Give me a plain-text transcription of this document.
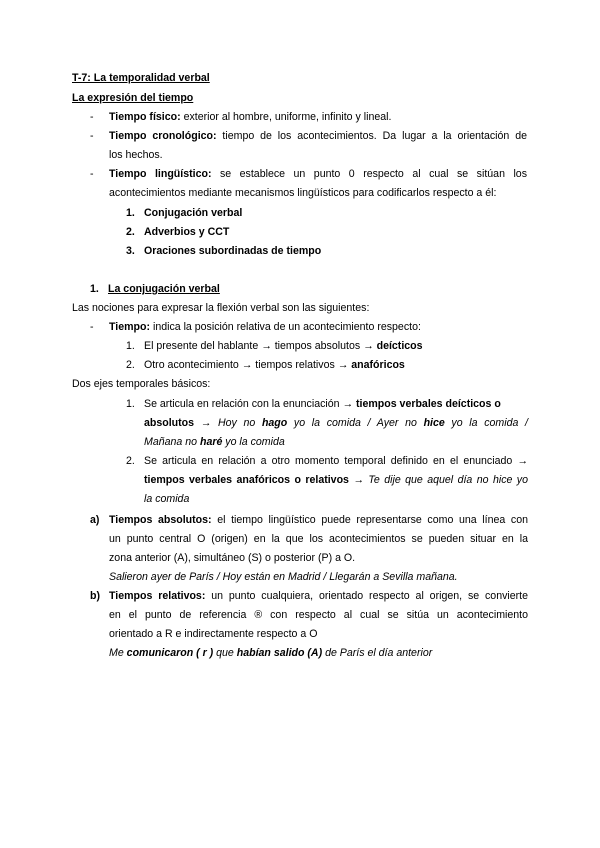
T-7: La temporalidad verbal
La expresión del tiempo
- Tiempo físico: exterior al hombre, uniforme, infinito y lineal.
- Tiempo cronológico: tiempo de los acontecimientos. Da lugar a la orientación de
los hechos.
- Tiempo lingüístico: se establece un punto 0 respecto al cual se sitúan los
acontecimientos mediante mecanismos lingüísticos para codificarlos respecto a él:
1. Conjugación verbal
2. Adverbios y CCT
3. Oraciones subordinadas de tiempo
1. La conjugación verbal
Las nociones para expresar la flexión verbal son las siguientes:
- Tiempo: indica la posición relativa de un acontecimiento respecto:
1. El presente del hablante → tiempos absolutos → deícticos
2. Otro acontecimiento → tiempos relativos → anafóricos
Dos ejes temporales básicos:
1. Se articula en relación con la enunciación → tiempos verbales deícticos o
absolutos → Hoy no hago yo la comida / Ayer no hice yo la comida /
Mañana no haré yo la comida
2. Se articula en relación a otro momento temporal definido en el enunciado →
tiempos verbales anafóricos o relativos → Te dije que aquel día no hice yo
la comida
a) Tiempos absolutos: el tiempo lingüístico puede representarse como una línea con
un punto central O (origen) en la que los acontecimientos se pueden situar en la
zona anterior (A), simultáneo (S) o posterior (P) a O.
Salieron ayer de París / Hoy están en Madrid / Llegarán a Sevilla mañana.
b) Tiempos relativos: un punto cualquiera, orientado respecto al origen, se convierte
en el punto de referencia ® con respecto al cual se sitúa un acontecimiento
orientado a R e indirectamente respecto a O
Me comunicaron ( r ) que habían salido (A) de París el día anterior
